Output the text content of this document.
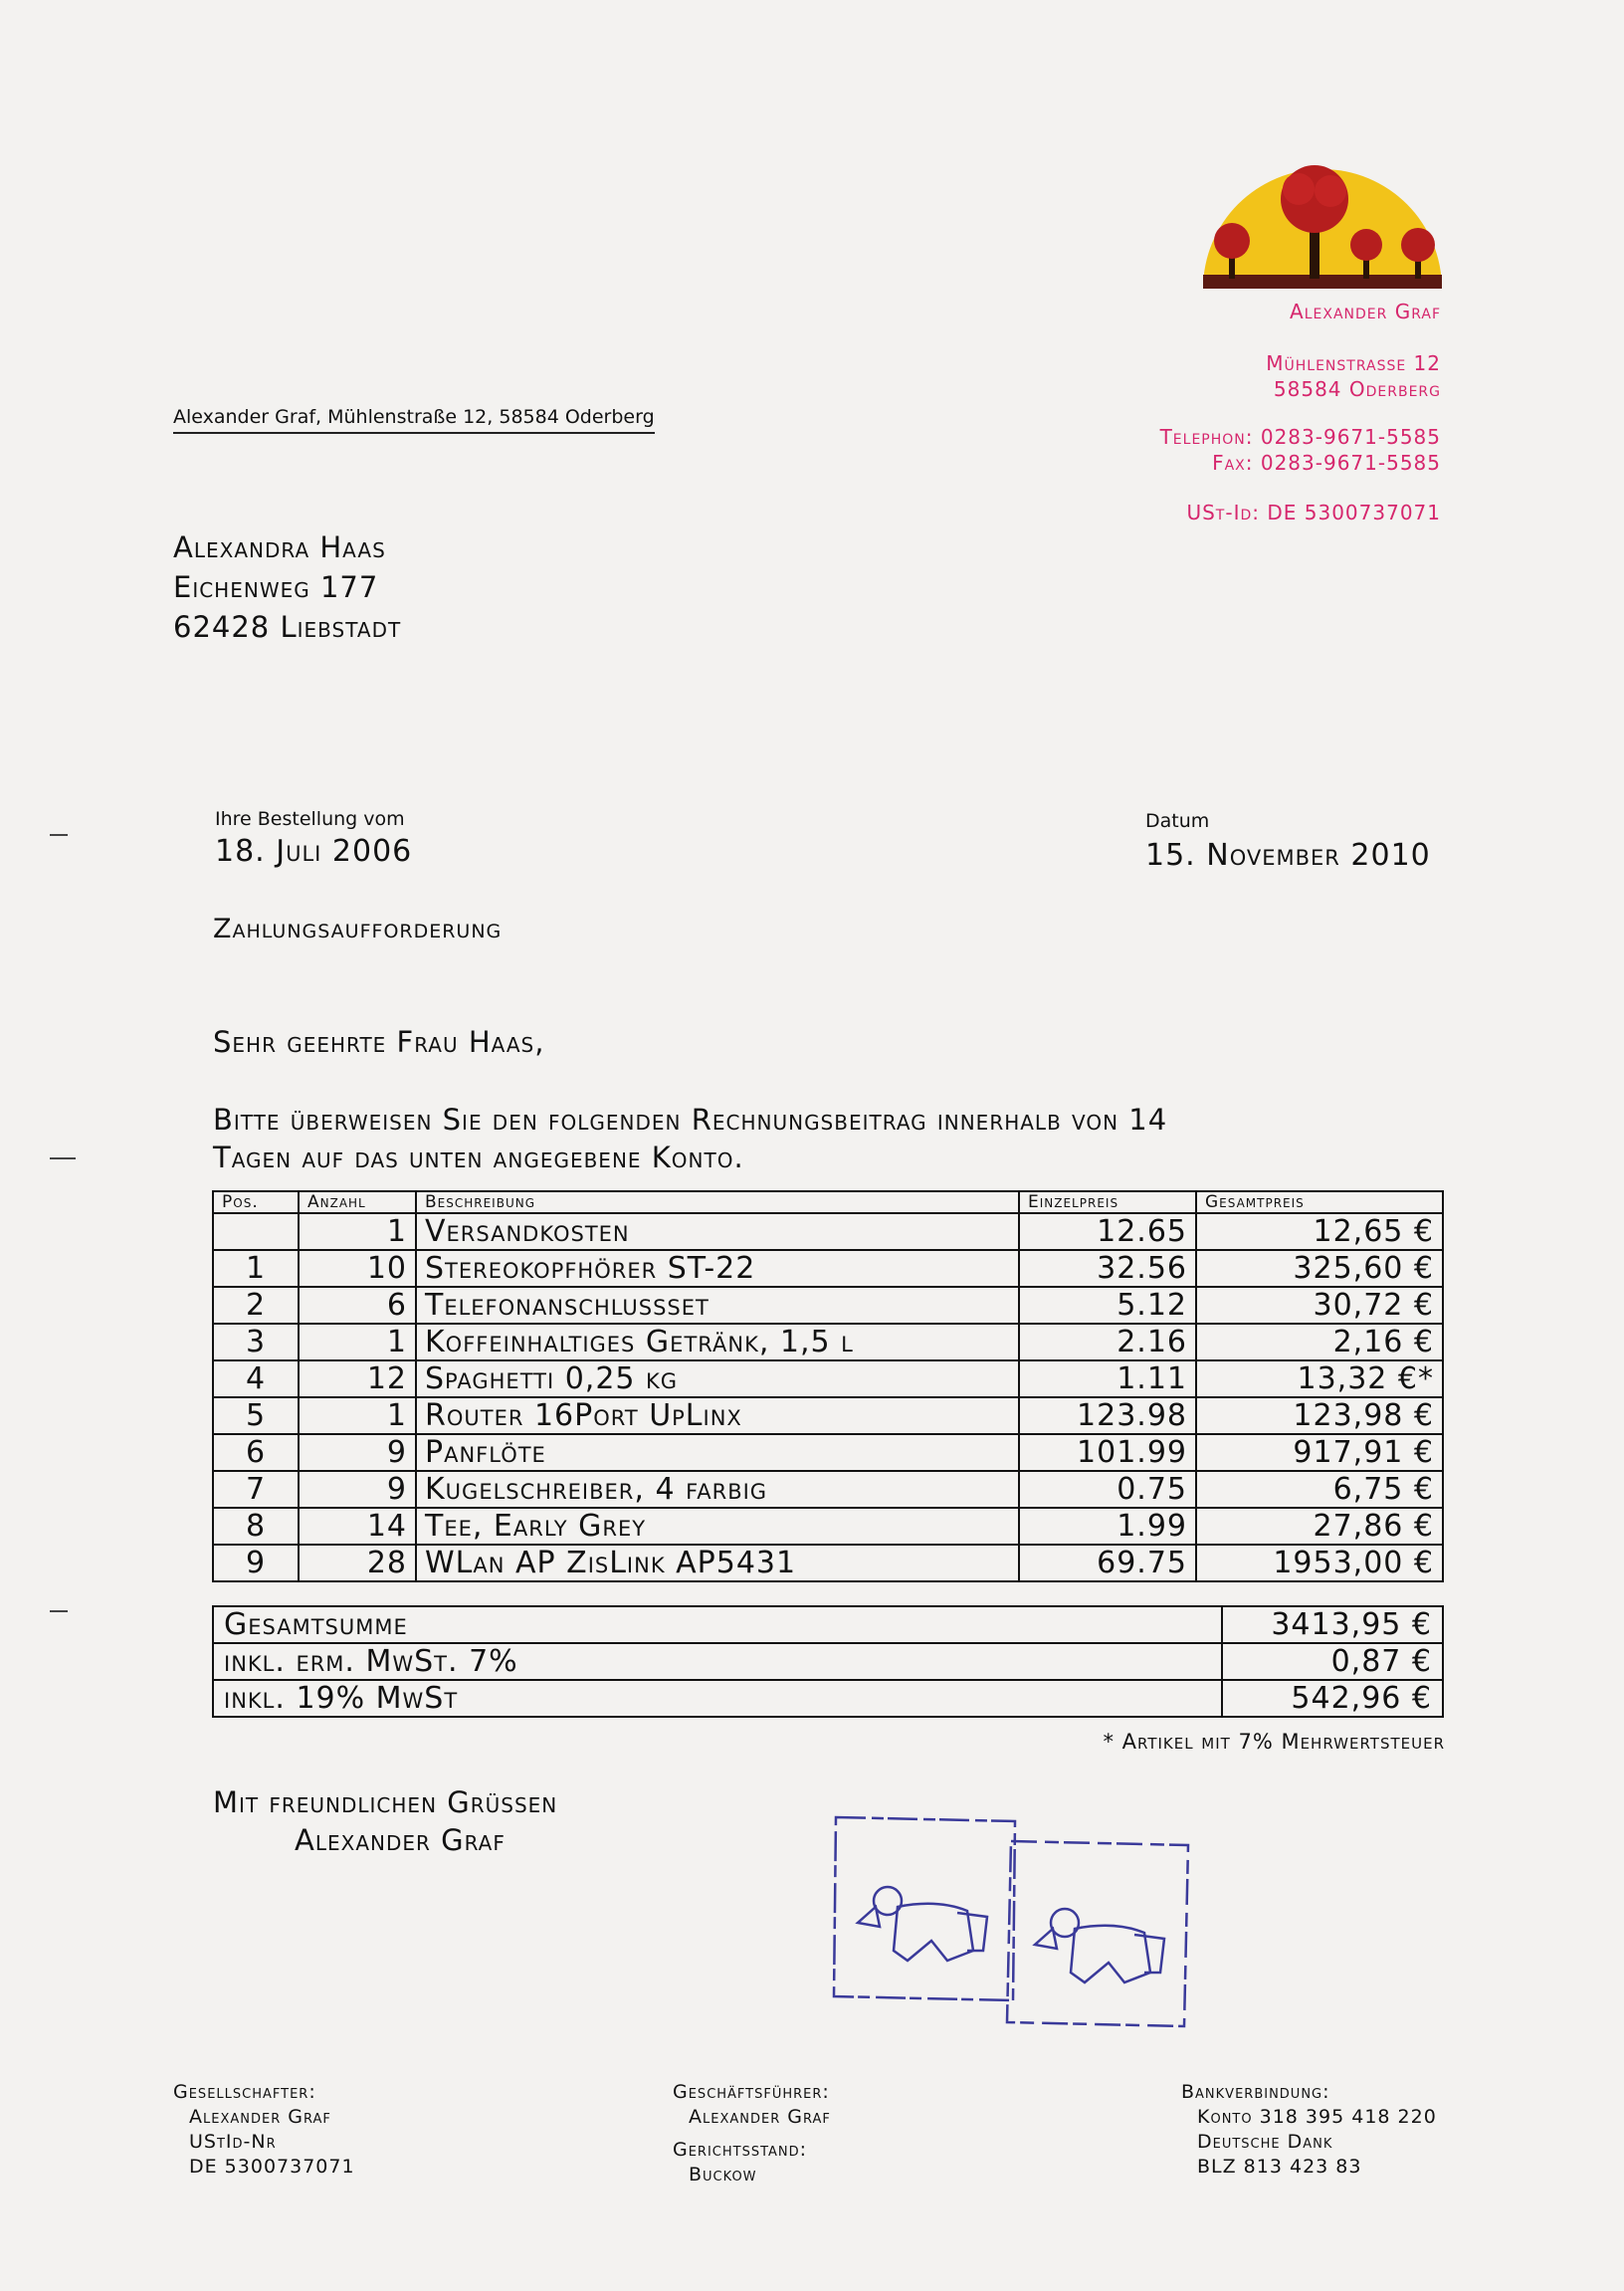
Alexander Graf
Mühlenstrasse 12
58584 Oderberg
Telephon: 0283-9671-5585
Fax: 0283-9671-5585
USt-Id: DE 5300737071
Alexander Graf, Mühlenstraße 12, 58584 Oderberg
Alexandra Haas
Eichenweg 177
62428 Liebstadt
Ihre Bestellung vom
18. Juli 2006
Datum
15. November 2010
Zahlungsaufforderung
Sehr geehrte Frau Haas,
Bitte überweisen Sie den folgenden Rechnungsbeitrag innerhalb von 14
Tagen auf das unten angegebene Konto.
Pos.	Anzahl	Beschreibung	Einzelpreis	Gesamtpreis
	1	Versandkosten	12.65	12,65 €
1	10	Stereokopfhörer ST-22	32.56	325,60 €
2	6	Telefonanschlussset	5.12	30,72 €
3	1	Koffeinhaltiges Getränk, 1,5 l	2.16	2,16 €
4	12	Spaghetti 0,25 kg	1.11	13,32 €*
5	1	Router 16Port UpLinx	123.98	123,98 €
6	9	Panflöte	101.99	917,91 €
7	9	Kugelschreiber, 4 farbig	0.75	6,75 €
8	14	Tee, Early Grey	1.99	27,86 €
9	28	WLan AP ZisLink AP5431	69.75	1953,00 €
Gesamtsumme	3413,95 €
inkl. erm. MwSt. 7%	0,87 €
inkl. 19% MwSt	542,96 €
* Artikel mit 7% Mehrwertsteuer
Mit freundlichen Grüssen
Alexander Graf
Gesellschafter:
Alexander Graf
UStId-Nr
DE 5300737071
Geschäftsführer:
Alexander Graf
Gerichtsstand:
Buckow
Bankverbindung:
Konto 318 395 418 220
Deutsche Dank
BLZ 813 423 83
